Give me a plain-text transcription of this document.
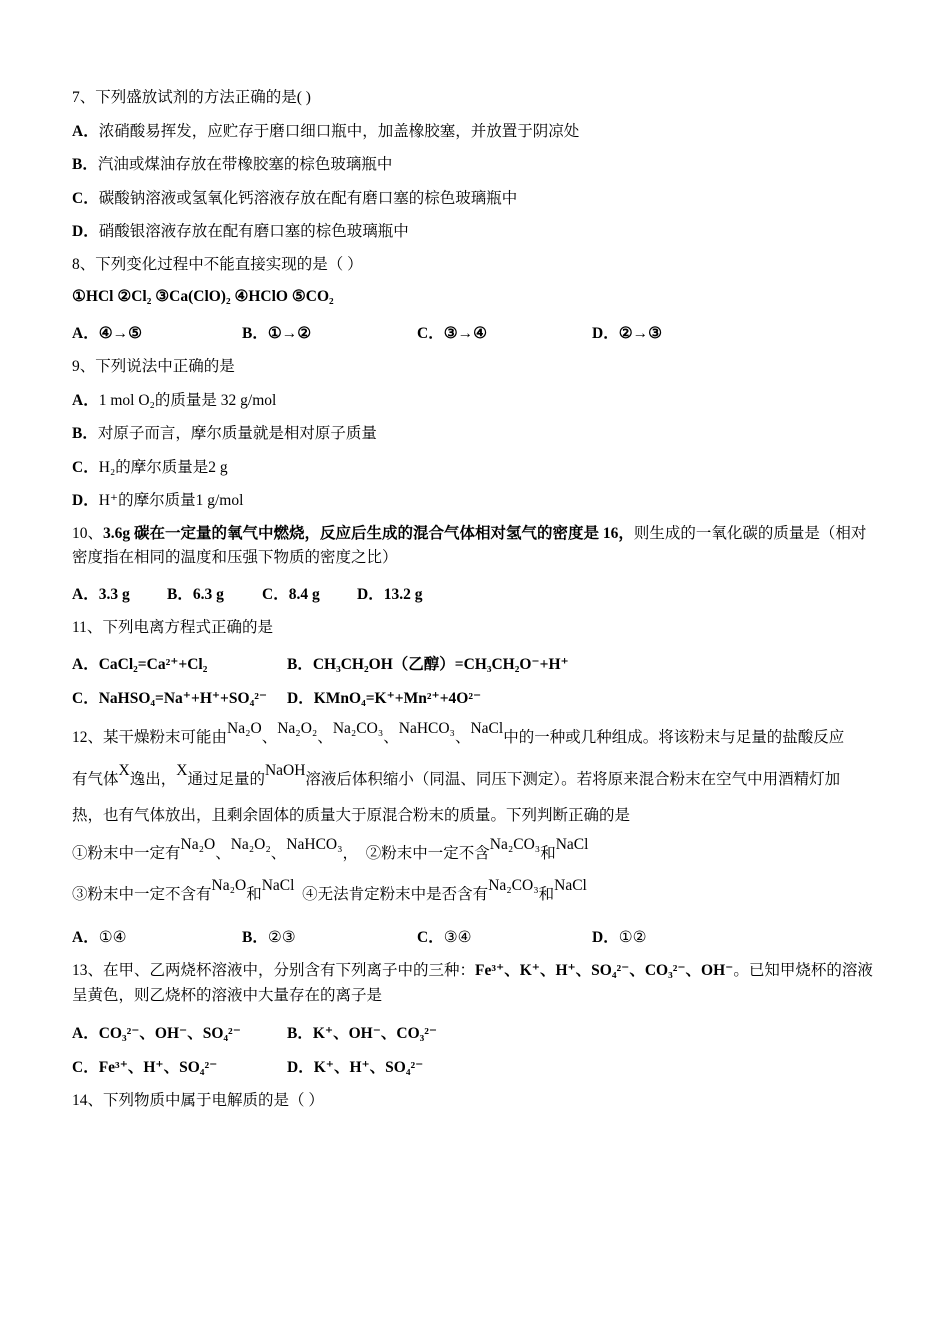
7、下列盛放试剂的方法正确的是( )
A．浓硝酸易挥发，应贮存于磨口细口瓶中，加盖橡胶塞，并放置于阴凉处
B．汽油或煤油存放在带橡胶塞的棕色玻璃瓶中
C．碳酸钠溶液或氢氧化钙溶液存放在配有磨口塞的棕色玻璃瓶中
D．硝酸银溶液存放在配有磨口塞的棕色玻璃瓶中
8、下列变化过程中不能直接实现的是（ ）
①HCl ②Cl₂ ③Ca(ClO)₂ ④HClO ⑤CO₂
A．④→⑤	B．①→②	C．③→④	D．②→③
9、下列说法中正确的是
A．1 mol O₂的质量是 32 g/mol
B．对原子而言，摩尔质量就是相对原子质量
C．H₂的摩尔质量是2 g
D．H⁺的摩尔质量1 g/mol
10、3.6g 碳在一定量的氧气中燃烧，反应后生成的混合气体相对氢气的密度是 16，则生成的一氧化碳的质量是（相对密度指在相同的温度和压强下物质的密度之比）
A．3.3 g	B．6.3 g	C．8.4 g	D．13.2 g
11、下列电离方程式正确的是
A．CaCl₂=Ca²⁺+Cl₂	B．CH₃CH₂OH（乙醇）=CH₃CH₂O⁻+H⁺
C．NaHSO₄=Na⁺+H⁺+SO₄²⁻	D．KMnO₄=K⁺+Mn²⁺+4O²⁻
12、某干燥粉末可能由Na₂O、Na₂O₂、Na₂CO₃、NaHCO₃、NaCl中的一种或几种组成。将该粉末与足量的盐酸反应
有气体X逸出，X通过足量的NaOH溶液后体积缩小（同温、同压下测定）。若将原来混合粉末在空气中用酒精灯加
热，也有气体放出，且剩余固体的质量大于原混合粉末的质量。下列判断正确的是
①粉末中一定有Na₂O、Na₂O₂、NaHCO₃， ②粉末中一定不含Na₂CO₃和NaCl
③粉末中一定不含有Na₂O和NaCl  ④无法肯定粉末中是否含有Na₂CO₃和NaCl
A．①④	B．②③	C．③④	D．①②
13、在甲、乙两烧杯溶液中，分别含有下列离子中的三种：Fe³⁺、K⁺、H⁺、SO₄²⁻、CO₃²⁻、OH⁻。已知甲烧杯的溶液呈黄色，则乙烧杯的溶液中大量存在的离子是
A．CO₃²⁻、OH⁻、SO₄²⁻	B．K⁺、OH⁻、CO₃²⁻
C．Fe³⁺、H⁺、SO₄²⁻	D．K⁺、H⁺、SO₄²⁻
14、下列物质中属于电解质的是（ ）
